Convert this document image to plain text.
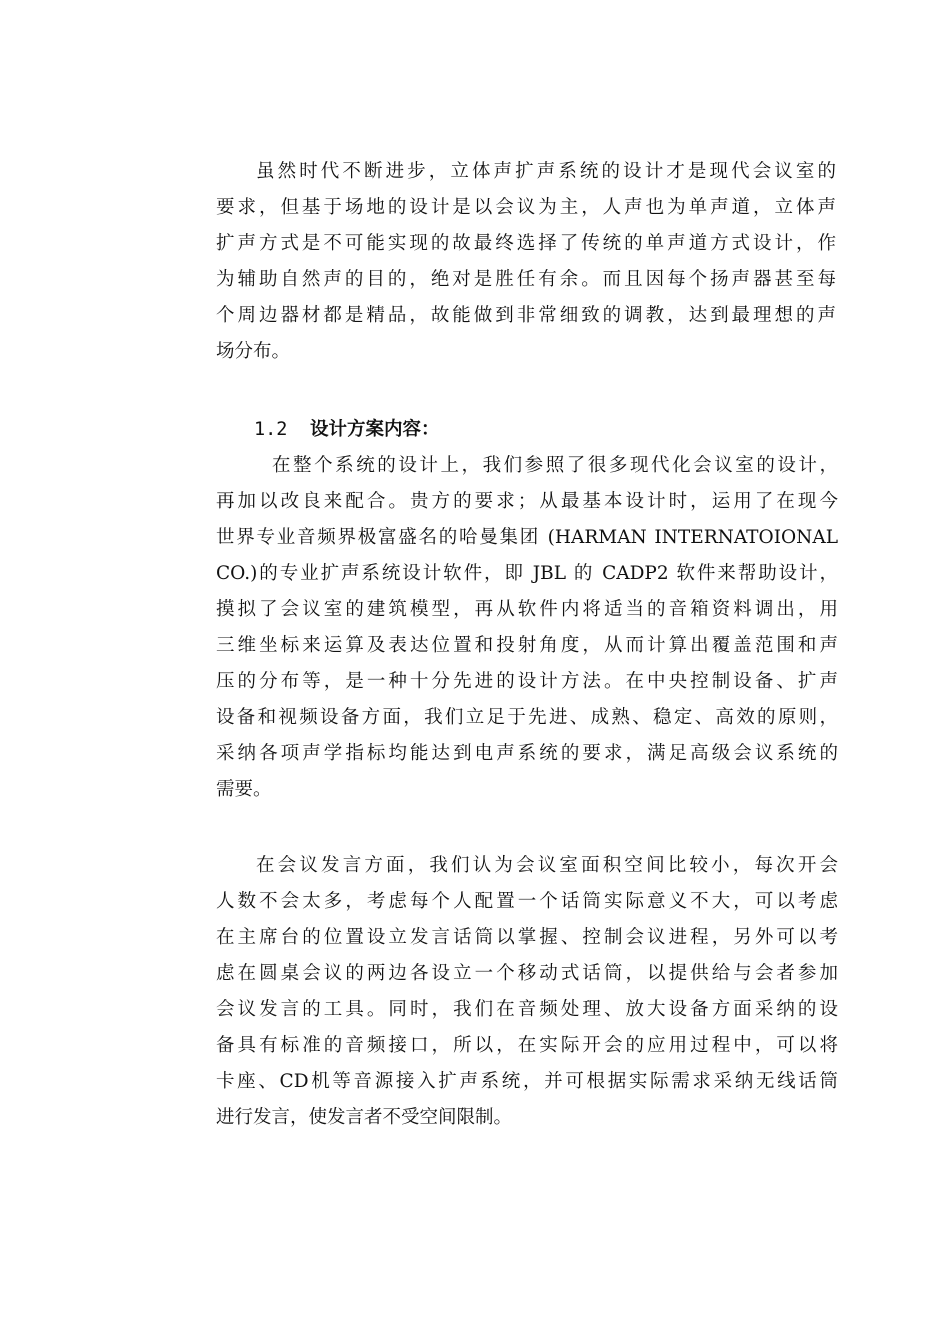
虽然时代不断进步，立体声扩声系统的设计才是现代会议室的
要求，但基于场地的设计是以会议为主，人声也为单声道，立体声
扩声方式是不可能实现的故最终选择了传统的单声道方式设计，作
为辅助自然声的目的，绝对是胜任有余。而且因每个扬声器甚至每
个周边器材都是精品，故能做到非常细致的调教，达到最理想的声
场分布。
1.2 设计方案内容：
在整个系统的设计上，我们参照了很多现代化会议室的设计，
再加以改良来配合。贵方的要求；从最基本设计时，运用了在现今
世界专业音频界极富盛名的哈曼集团 (HARMAN INTERNATOIONAL
CO.)的专业扩声系统设计软件，即 JBL 的 CADP2 软件来帮助设计，
摸拟了会议室的建筑模型，再从软件内将适当的音箱资料调出，用
三维坐标来运算及表达位置和投射角度，从而计算出覆盖范围和声
压的分布等，是一种十分先进的设计方法。在中央控制设备、扩声
设备和视频设备方面，我们立足于先进、成熟、稳定、高效的原则，
采纳各项声学指标均能达到电声系统的要求，满足高级会议系统的
需要。
在会议发言方面，我们认为会议室面积空间比较小，每次开会
人数不会太多，考虑每个人配置一个话筒实际意义不大，可以考虑
在主席台的位置设立发言话筒以掌握、控制会议进程，另外可以考
虑在圆桌会议的两边各设立一个移动式话筒，以提供给与会者参加
会议发言的工具。同时，我们在音频处理、放大设备方面采纳的设
备具有标准的音频接口，所以，在实际开会的应用过程中，可以将
卡座、CD机等音源接入扩声系统，并可根据实际需求采纳无线话筒
进行发言，使发言者不受空间限制。
